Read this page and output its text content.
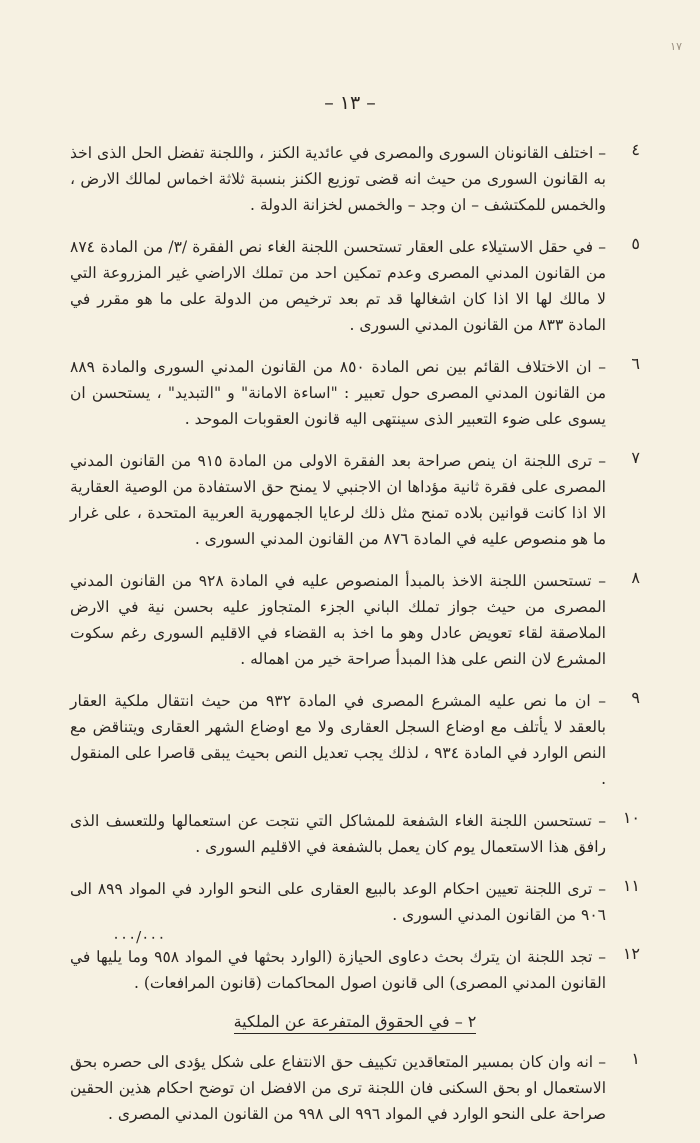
– ١٣ –
١٧
٤
– اختلف القانونان السورى والمصرى في عائدية الكنز ، واللجنة تفضل الحل الذى اخذ به القانون السورى من حيث انه قضى توزيع الكنز بنسبة ثلاثة اخماس لمالك الارض ، والخمس للمكتشف – ان وجد – والخمس لخزانة الدولة .
٥
– في حقل الاستيلاء على العقار تستحسن اللجنة الغاء نص الفقرة /٣/ من المادة ٨٧٤ من القانون المدني المصرى وعدم تمكين احد من تملك الاراضي غير المزروعة التي لا مالك لها الا اذا كان اشغالها قد تم بعد ترخيص من الدولة على ما هو مقرر في المادة ٨٣٣ من القانون المدني السورى .
٦
– ان الاختلاف القائم بين نص المادة ٨٥٠ من القانون المدني السورى والمادة ٨٨٩ من القانون المدني المصرى حول تعبير : "اساءة الامانة" و "التبديد" ، يستحسن ان يسوى على ضوء التعبير الذى سينتهى اليه قانون العقوبات الموحد .
٧
– ترى اللجنة ان ينص صراحة بعد الفقرة الاولى من المادة ٩١٥ من القانون المدني المصرى على فقرة ثانية مؤداها ان الاجنبي لا يمنح حق الاستفادة من الوصية العقارية الا اذا كانت قوانين بلاده تمنح مثل ذلك لرعايا الجمهورية العربية المتحدة ، على غرار ما هو منصوص عليه في المادة ٨٧٦ من القانون المدني السورى .
٨
– تستحسن اللجنة الاخذ بالمبدأ المنصوص عليه في المادة ٩٢٨ من القانون المدني المصرى من حيث جواز تملك الباني الجزء المتجاوز عليه بحسن نية في الارض الملاصقة لقاء تعويض عادل وهو ما اخذ به القضاء في الاقليم السورى رغم سكوت المشرع لان النص على هذا المبدأ صراحة خير من اهماله .
٩
– ان ما نص عليه المشرع المصرى في المادة ٩٣٢ من حيث انتقال ملكية العقار بالعقد لا يأتلف مع اوضاع السجل العقارى ولا مع اوضاع الشهر العقارى ويتناقض مع النص الوارد في المادة ٩٣٤ ، لذلك يجب تعديل النص بحيث يبقى قاصرا على المنقول .
١٠
– تستحسن اللجنة الغاء الشفعة للمشاكل التي نتجت عن استعمالها وللتعسف الذى رافق هذا الاستعمال يوم كان يعمل بالشفعة في الاقليم السورى .
١١
– ترى اللجنة تعيين احكام الوعد بالبيع العقارى على النحو الوارد في المواد ٨٩٩ الى ٩٠٦ من القانون المدني السورى .
١٢
– تجد اللجنة ان يترك بحث دعاوى الحيازة (الوارد بحثها في المواد ٩٥٨ وما يليها في القانون المدني المصرى) الى قانون اصول المحاكمات (قانون المرافعات) .
٢ – في الحقوق المتفرعة عن الملكية
١
– انه وان كان بمسير المتعاقدين تكييف حق الانتفاع على شكل يؤدى الى حصره بحق الاستعمال او بحق السكنى فان اللجنة ترى من الافضل ان توضح احكام هذين الحقين صراحة على النحو الوارد في المواد ٩٩٦ الى ٩٩٨ من القانون المدني المصرى .
٠٠٠/٠٠٠
